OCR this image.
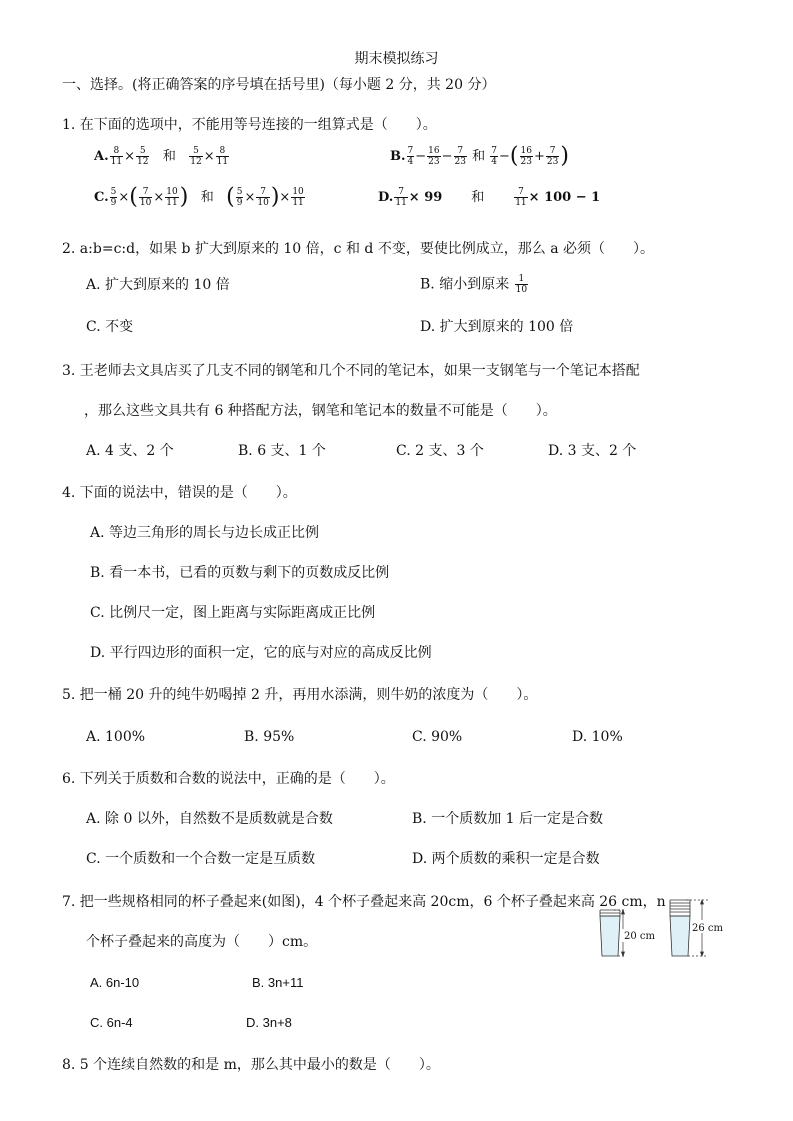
期末模拟练习
一、选择。(将正确答案的序号填在括号里)（每小题 2 分，共 20 分）
1. 在下面的选项中，不能用等号连接的一组算式是（　　）。
A. $\frac{8}{11} \times \frac{5}{12}$ 和 $\frac{5}{12} \times \frac{8}{11}$	B. $\frac{7}{4} - \frac{16}{23} - \frac{7}{23}$ 和 $\frac{7}{4}$ −( $\frac{16}{23} + \frac{7}{23}$ )
C. $\frac{5}{9}$ ×( $\frac{7}{10} \times \frac{10}{11}$ ) 和 ( $\frac{5}{9} \times \frac{7}{10}$ )× $\frac{10}{11}$	D. $\frac{7}{11} \times 99$ 和	$\frac{7}{11} \times 100 - 1$
2. a:b=c:d，如果 b 扩大到原来的 10 倍，c 和 d 不变，要使比例成立，那么 a 必须（　　）。
A. 扩大到原来的 10 倍	B. 缩小到原来 $\frac{1}{10}$
C. 不变	D. 扩大到原来的 100 倍
3. 王老师去文具店买了几支不同的钢笔和几个不同的笔记本，如果一支钢笔与一个笔记本搭配
，那么这些文具共有 6 种搭配方法，钢笔和笔记本的数量不可能是（　　）。
A. 4 支、2 个	B. 6 支、1 个	C. 2 支、3 个	D. 3 支、2 个
4. 下面的说法中，错误的是（　　）。
A. 等边三角形的周长与边长成正比例
B. 看一本书，已看的页数与剩下的页数成反比例
C. 比例尺一定，图上距离与实际距离成正比例
D. 平行四边形的面积一定，它的底与对应的高成反比例
5. 把一桶 20 升的纯牛奶喝掉 2 升，再用水添满，则牛奶的浓度为（　　）。
A. 100%	B. 95%	C. 90%	D. 10%
6. 下列关于质数和合数的说法中，正确的是（　　）。
A. 除 0 以外，自然数不是质数就是合数	B. 一个质数加 1 后一定是合数
C. 一个质数和一个合数一定是互质数	D. 两个质数的乘积一定是合数
7. 把一些规格相同的杯子叠起来(如图)，4 个杯子叠起来高 20cm，6 个杯子叠起来高 26 cm，n
个杯子叠起来的高度为（　　）cm。
A. 6n-10	B. 3n+11
C. 6n-4	D. 3n+8
20 cm
26 cm
8. 5 个连续自然数的和是 m，那么其中最小的数是（　　）。
